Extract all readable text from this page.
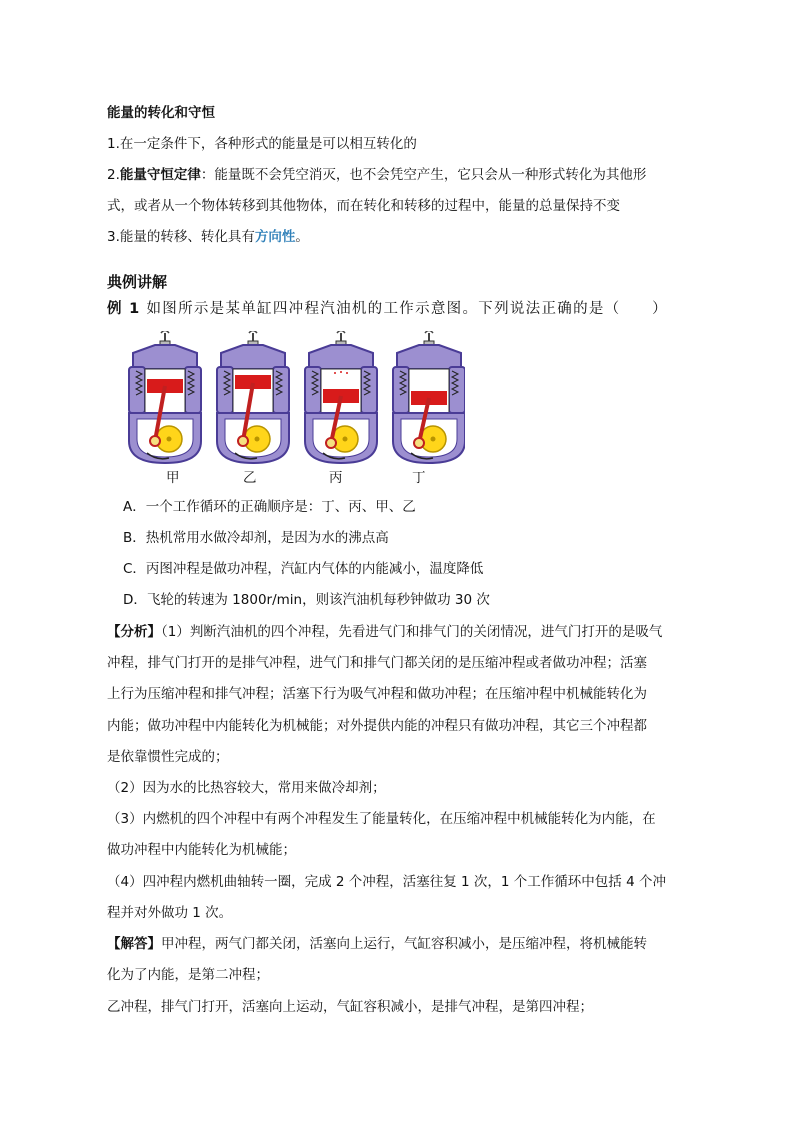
能量的转化和守恒
1.在一定条件下，各种形式的能量是可以相互转化的
2.能量守恒定律：能量既不会凭空消灭，也不会凭空产生，它只会从一种形式转化为其他形
式，或者从一个物体转移到其他物体，而在转化和转移的过程中，能量的总量保持不变
3.能量的转移、转化具有方向性。
典例讲解
例 1 如图所示是某单缸四冲程汽油机的工作示意图。下列说法正确的是（　　）
甲	乙	丙	丁
A．一个工作循环的正确顺序是：丁、丙、甲、乙
B．热机常用水做冷却剂，是因为水的沸点高
C．丙图冲程是做功冲程，汽缸内气体的内能减小，温度降低
D．飞轮的转速为 1800r/min，则该汽油机每秒钟做功 30 次
【分析】（1）判断汽油机的四个冲程，先看进气门和排气门的关闭情况，进气门打开的是吸气
冲程，排气门打开的是排气冲程，进气门和排气门都关闭的是压缩冲程或者做功冲程；活塞
上行为压缩冲程和排气冲程；活塞下行为吸气冲程和做功冲程；在压缩冲程中机械能转化为
内能；做功冲程中内能转化为机械能；对外提供内能的冲程只有做功冲程，其它三个冲程都
是依靠惯性完成的；
（2）因为水的比热容较大，常用来做冷却剂；
（3）内燃机的四个冲程中有两个冲程发生了能量转化，在压缩冲程中机械能转化为内能，在
做功冲程中内能转化为机械能；
（4）四冲程内燃机曲轴转一圈，完成 2 个冲程，活塞往复 1 次，1 个工作循环中包括 4 个冲
程并对外做功 1 次。
【解答】甲冲程，两气门都关闭，活塞向上运行，气缸容积减小，是压缩冲程，将机械能转
化为了内能，是第二冲程；
乙冲程，排气门打开，活塞向上运动，气缸容积减小，是排气冲程，是第四冲程；
